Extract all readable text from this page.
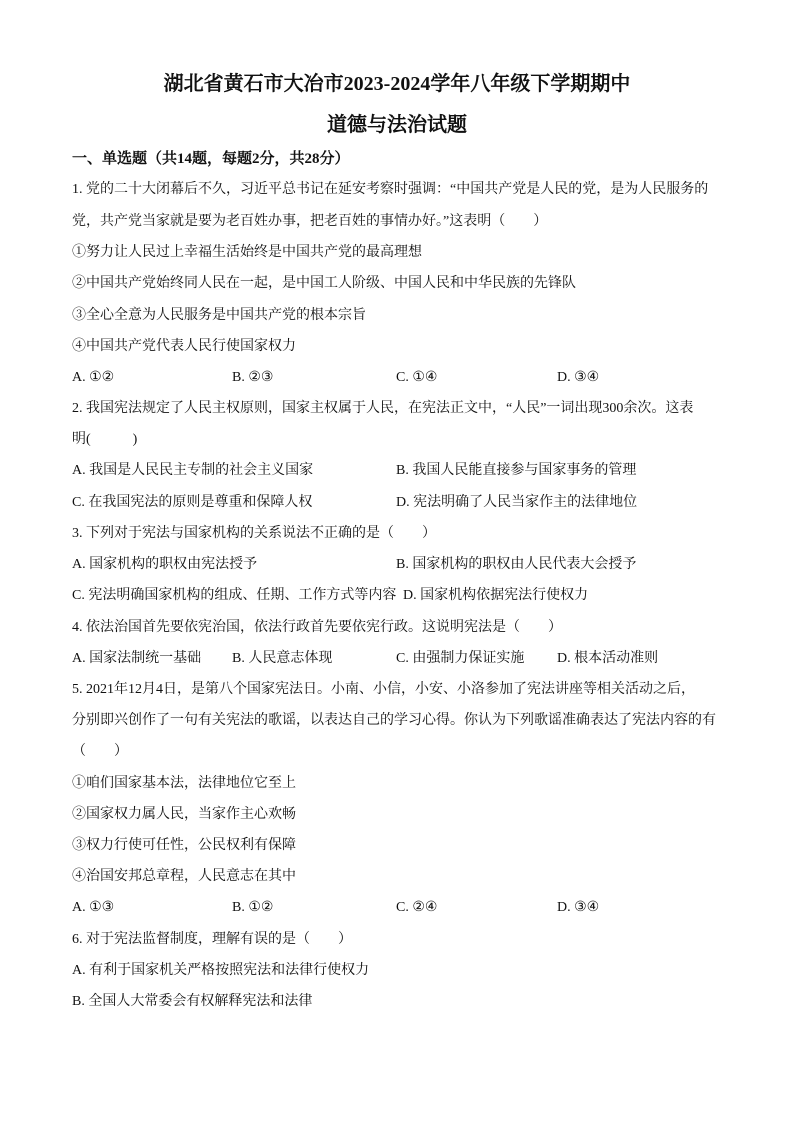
湖北省黄石市大冶市2023-2024学年八年级下学期期中
道德与法治试题
一、单选题（共14题，每题2分，共28分）
1. 党的二十大闭幕后不久，习近平总书记在延安考察时强调：“中国共产党是人民的党，是为人民服务的
党，共产党当家就是要为老百姓办事，把老百姓的事情办好。”这表明（　　）
①努力让人民过上幸福生活始终是中国共产党的最高理想
②中国共产党始终同人民在一起，是中国工人阶级、中国人民和中华民族的先锋队
③全心全意为人民服务是中国共产党的根本宗旨
④中国共产党代表人民行使国家权力
A. ①②	B. ②③	C. ①④	D. ③④
2. 我国宪法规定了人民主权原则，国家主权属于人民，在宪法正文中，“人民”一词出现300余次。这表
明(　　　)
A. 我国是人民民主专制的社会主义国家	B. 我国人民能直接参与国家事务的管理
C. 在我国宪法的原则是尊重和保障人权	D. 宪法明确了人民当家作主的法律地位
3. 下列对于宪法与国家机构的关系说法不正确的是（　　）
A. 国家机构的职权由宪法授予	B. 国家机构的职权由人民代表大会授予
C. 宪法明确国家机构的组成、任期、工作方式等内容 D. 国家机构依据宪法行使权力
4. 依法治国首先要依宪治国，依法行政首先要依宪行政。这说明宪法是（　　）
A. 国家法制统一基础 B. 人民意志体现	C. 由强制力保证实施 D. 根本活动准则
5. 2021年12月4日，是第八个国家宪法日。小南、小信，小安、小洛参加了宪法讲座等相关活动之后，
分别即兴创作了一句有关宪法的歌谣，以表达自己的学习心得。你认为下列歌谣准确表达了宪法内容的有
（　　）
①咱们国家基本法，法律地位它至上
②国家权力属人民，当家作主心欢畅
③权力行使可任性，公民权利有保障
④治国安邦总章程，人民意志在其中
A. ①③	B. ①②	C. ②④	D. ③④
6. 对于宪法监督制度，理解有误的是（　　）
A. 有利于国家机关严格按照宪法和法律行使权力
B. 全国人大常委会有权解释宪法和法律
